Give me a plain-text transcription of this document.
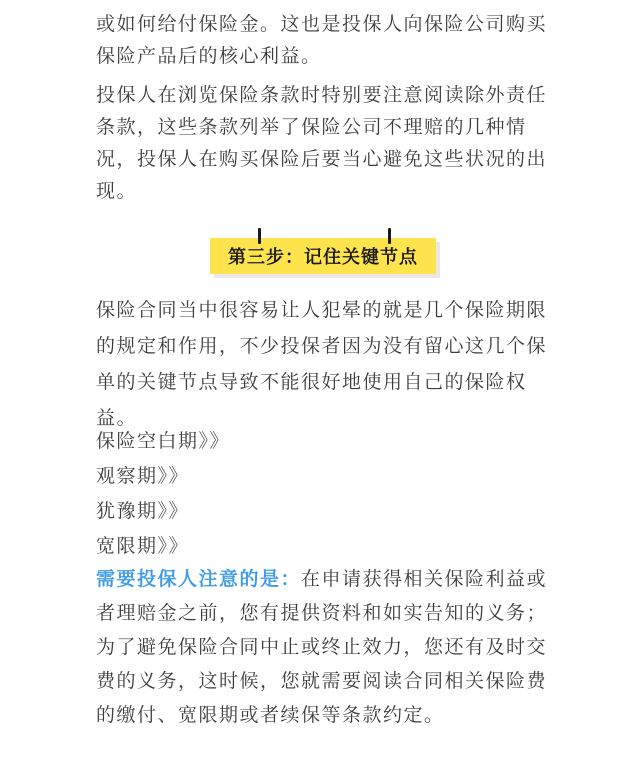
或如何给付保险金。这也是投保人向保险公司购买
保险产品后的核心利益。

投保人在浏览保险条款时特别要注意阅读除外责任条款，这些条款列举了保险公司不理赔的几种情况，投保人在购买保险后要当心避免这些状况的出现。

第三步：记住关键节点

保险合同当中很容易让人犯晕的就是几个保险期限的规定和作用，不少投保者因为没有留心这几个保单的关键节点导致不能很好地使用自己的保险权益。

保险空白期》》

观察期》》

犹豫期》》

宽限期》》

需要投保人注意的是：在申请获得相关保险利益或者理赔金之前，您有提供资料和如实告知的义务；为了避免保险合同中止或终止效力，您还有及时交费的义务，这时候，您就需要阅读合同相关保险费的缴付、宽限期或者续保等条款约定。
